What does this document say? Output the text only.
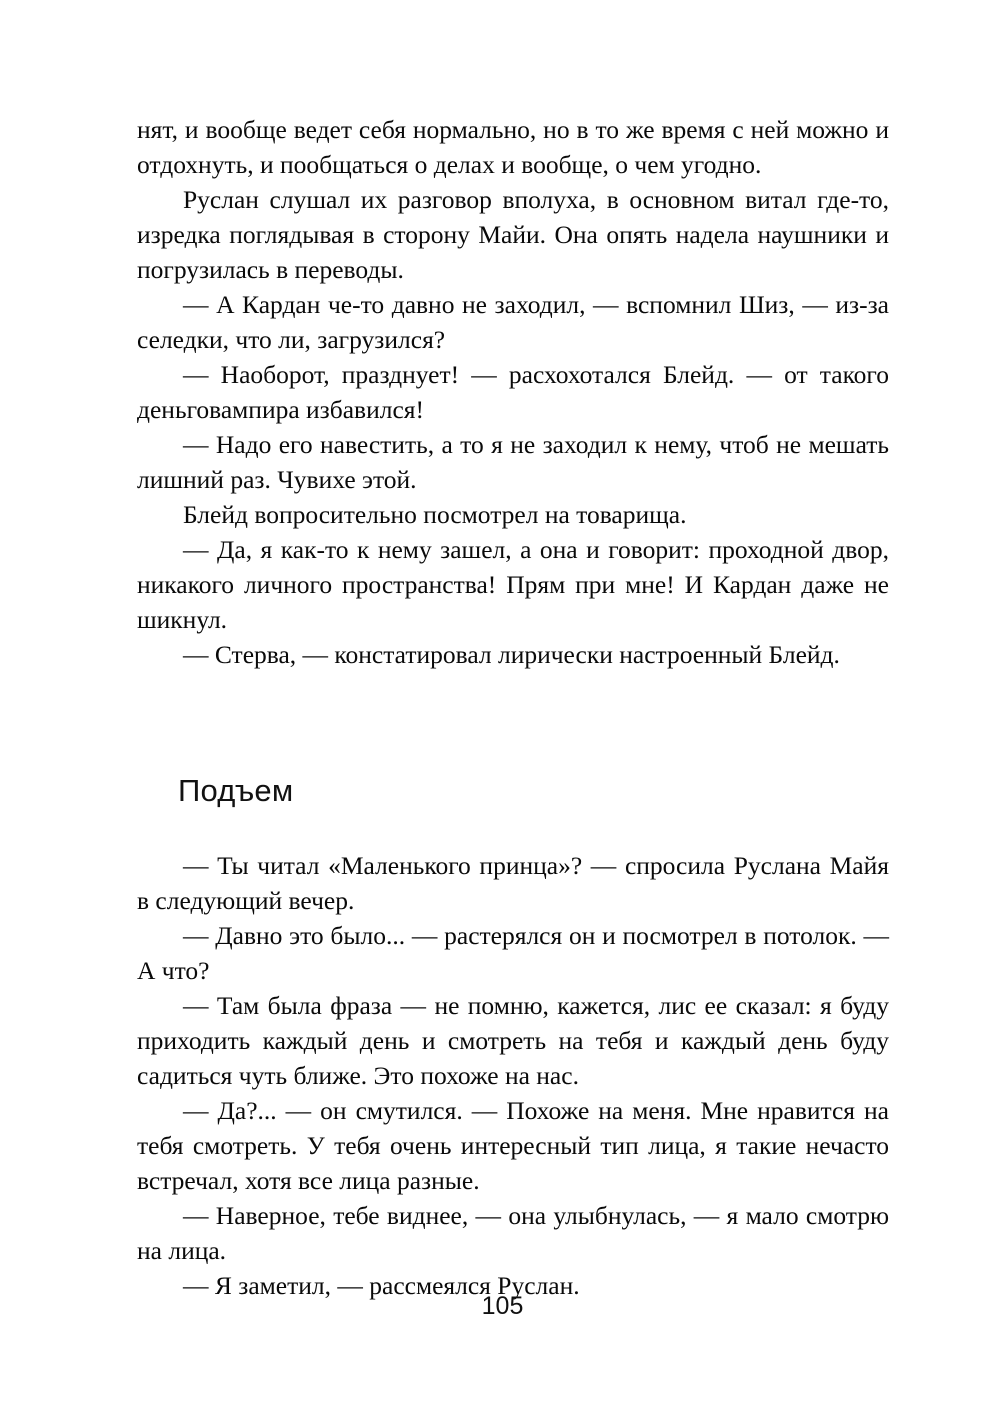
нят, и вообще ведет себя нормально, но в то же время с ней можно и отдохнуть, и пообщаться о делах и вообще, о чем угодно.

Руслан слушал их разговор вполуха, в основном витал где-то, изредка поглядывая в сторону Майи. Она опять надела наушники и погрузилась в переводы.

— А Кардан че-то давно не заходил, — вспомнил Шиз, — из-за селедки, что ли, загрузился?

— Наоборот, празднует! — расхохотался Блейд. — от такого деньговампира избавился!

— Надо его навестить, а то я не заходил к нему, чтоб не мешать лишний раз. Чувихе этой.

Блейд вопросительно посмотрел на товарища.

— Да, я как-то к нему зашел, а она и говорит: проходной двор, никакого личного пространства! Прям при мне! И Кардан даже не шикнул.

— Стерва, — констатировал лирически настроенный Блейд.

Подъем

— Ты читал «Маленького принца»? — спросила Руслана Майя в следующий вечер.

— Давно это было... — растерялся он и посмотрел в потолок. — А что?

— Там была фраза — не помню, кажется, лис ее сказал: я буду приходить каждый день и смотреть на тебя и каждый день буду садиться чуть ближе. Это похоже на нас.

— Да?... — он смутился. — Похоже на меня. Мне нравится на тебя смотреть. У тебя очень интересный тип лица, я такие нечасто встречал, хотя все лица разные.

— Наверное, тебе виднее, — она улыбнулась, — я мало смотрю на лица.

— Я заметил, — рассмеялся Руслан.

105
